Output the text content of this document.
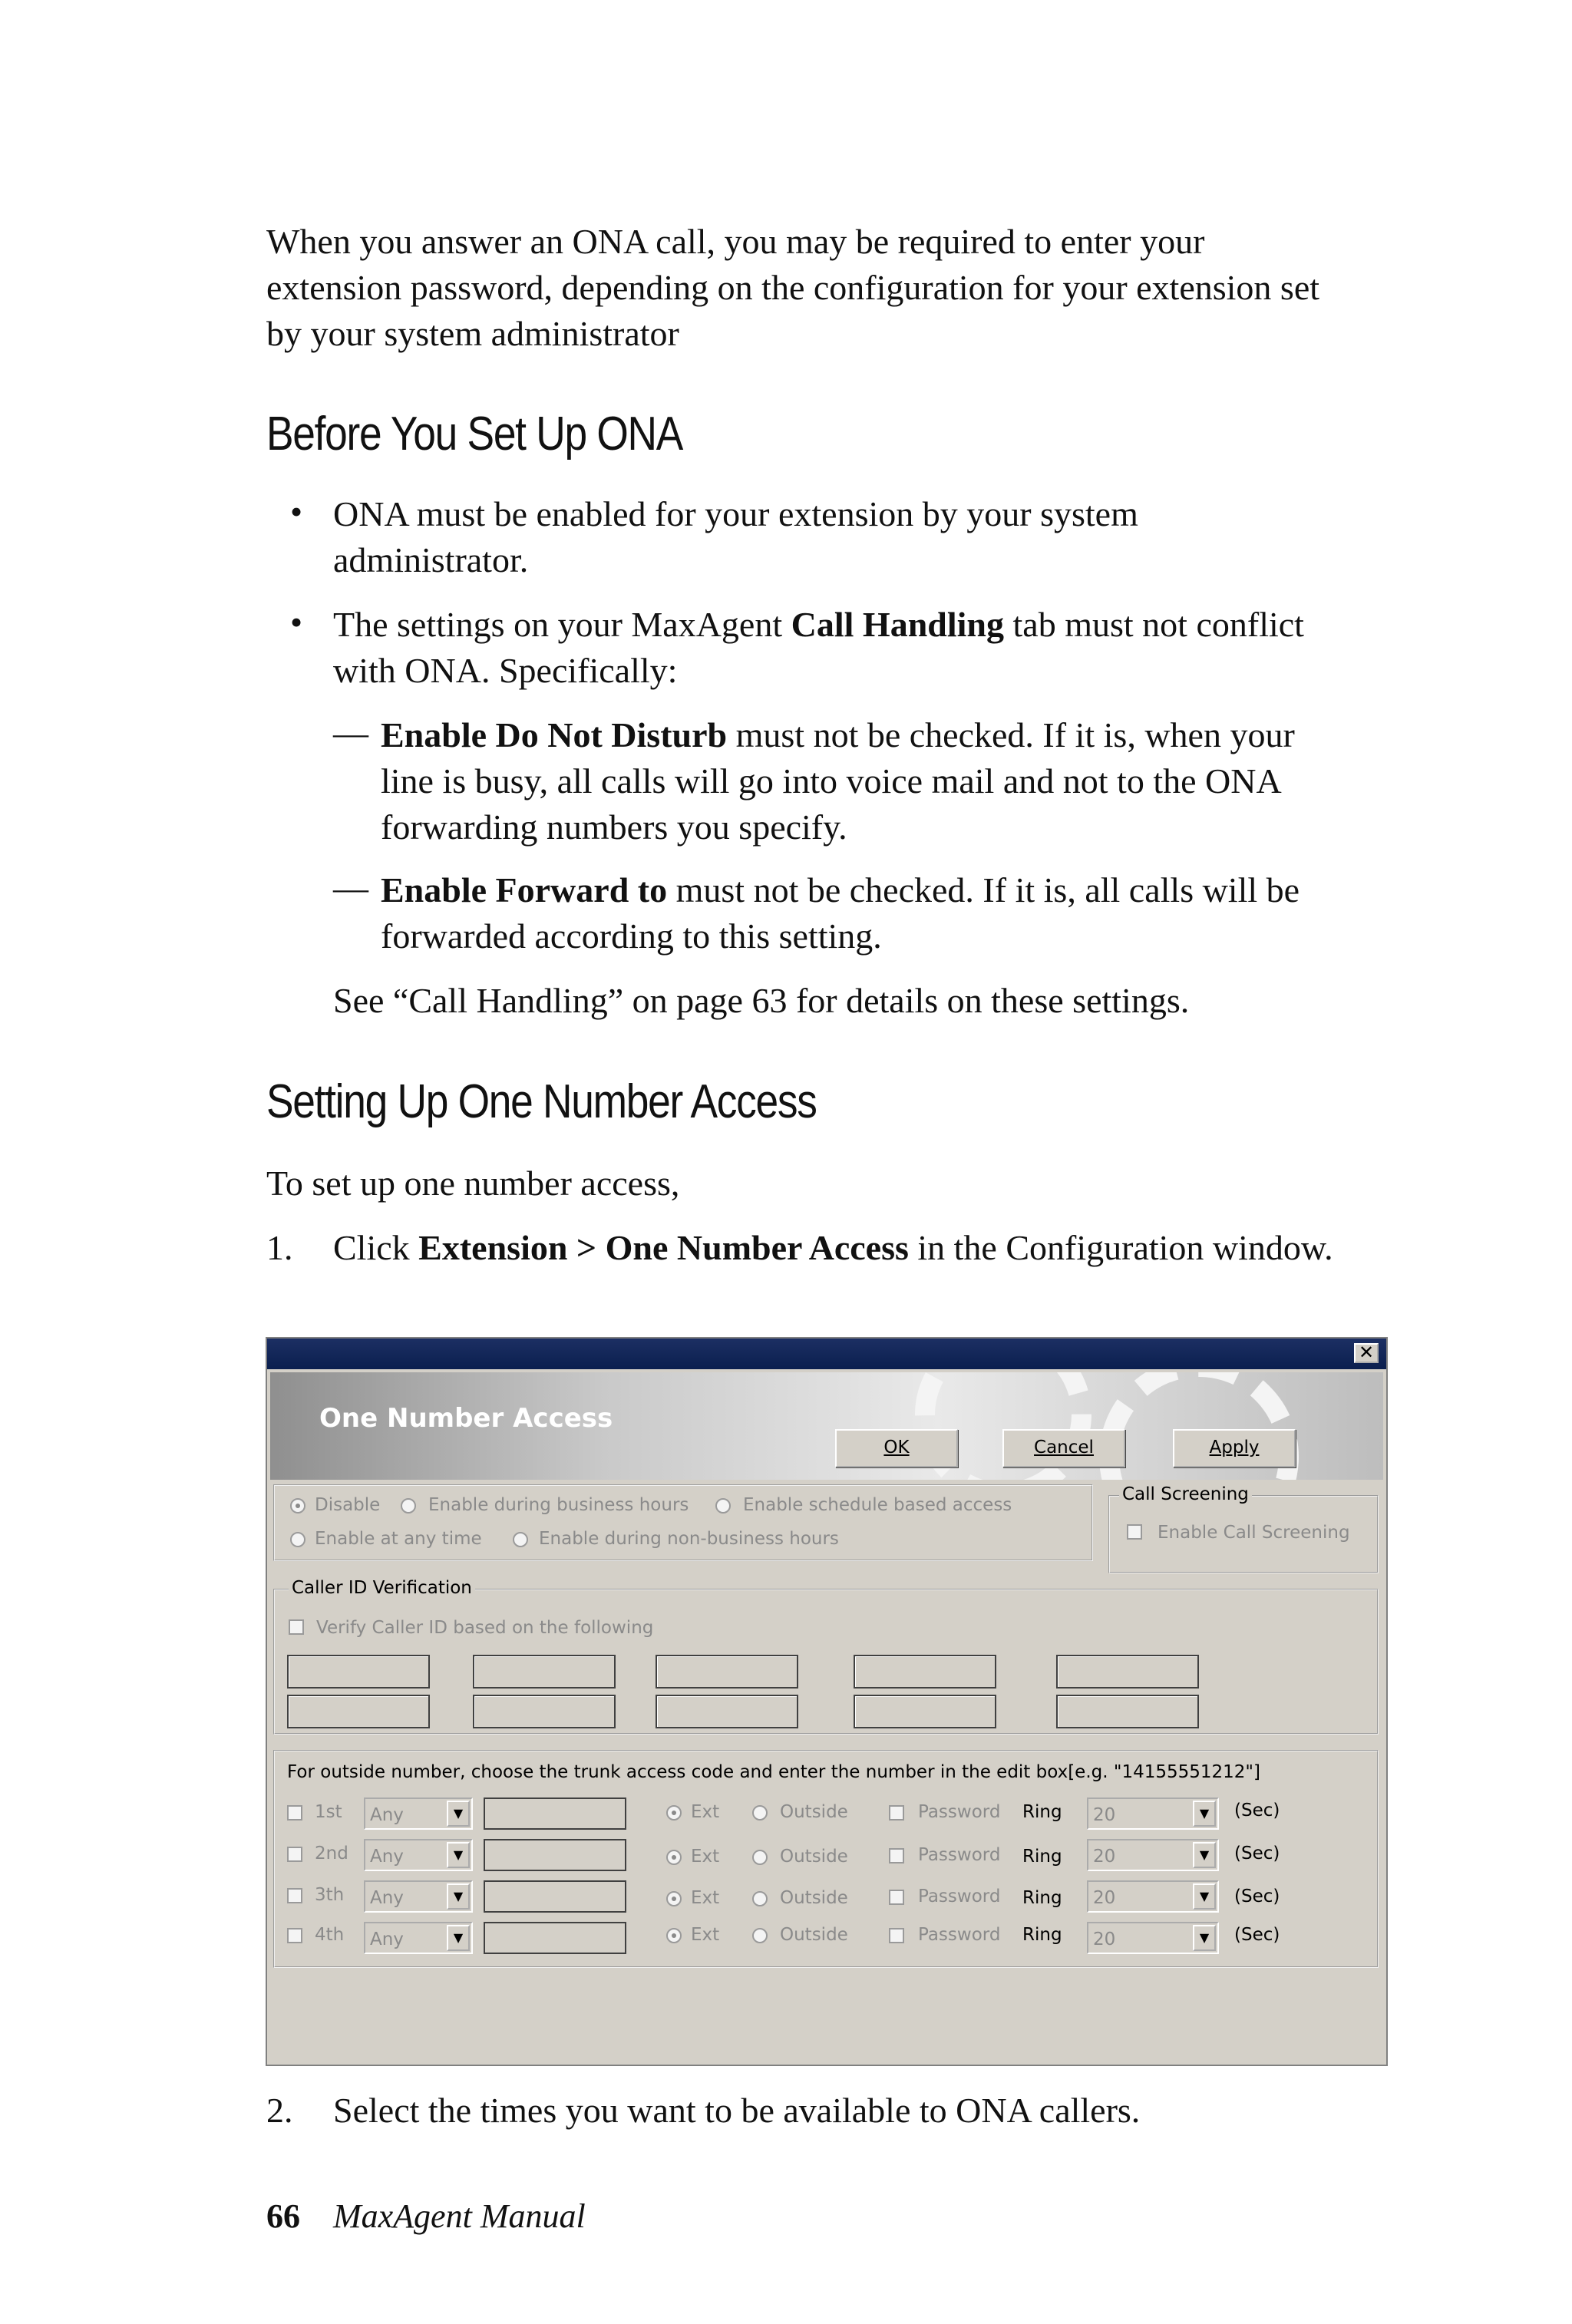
When you answer an ONA call, you may be required to enter your
extension password, depending on the configuration for your extension set
by your system administrator
Before You Set Up ONA
• ONA must be enabled for your extension by your system
administrator.
• The settings on your MaxAgent Call Handling tab must not conflict
with ONA. Specifically:
— Enable Do Not Disturb must not be checked. If it is, when your
line is busy, all calls will go into voice mail and not to the ONA
forwarding numbers you specify.
— Enable Forward to must not be checked. If it is, all calls will be
forwarded according to this setting.
See “Call Handling” on page 63 for details on these settings.
Setting Up One Number Access
To set up one number access,
1.	Click Extension > One Number Access in the Configuration window.
✕
One Number Access
Disable	Enable during business hours	Enable schedule based access
Enable at any time	Enable during non-business hours
Call Screening
Enable Call Screening
Caller ID Verification
Verify Caller ID based on the following
For outside number, choose the trunk access code and enter the number in the edit box[e.g. "14155551212"]
1st Any	▼	Ext	Outside	Password Ring 20	▼	(Sec)
2nd Any	▼	Ext	Outside	Password Ring 20	▼	(Sec)
3th Any	▼	Ext	Outside	Password Ring 20	▼	(Sec)
4th Any	▼	Ext	Outside	Password Ring 20	▼	(Sec)
OK	Cancel	Apply
2.	Select the times you want to be available to ONA callers.
66 MaxAgent Manual
